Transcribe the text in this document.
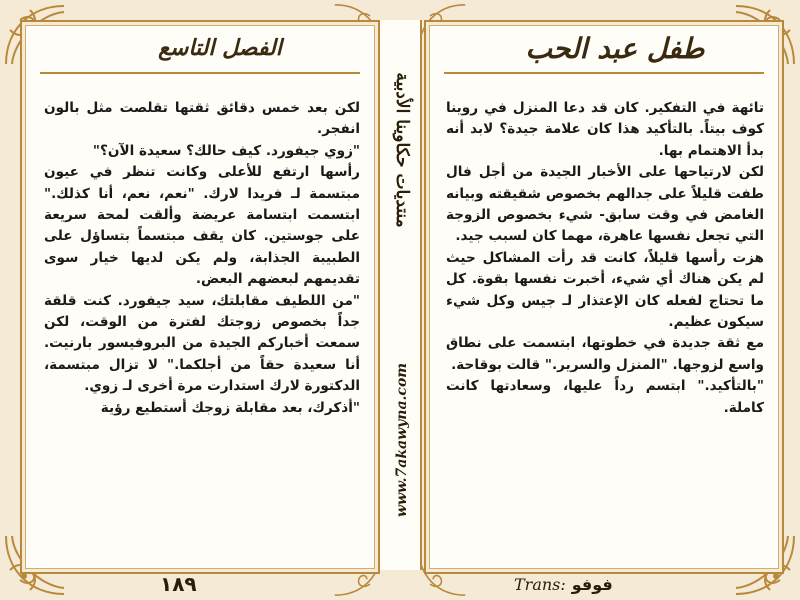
الفصل التاسع

لكن بعد خمس دقائق ثقتها تقلصت مثل بالون انفجر.

"زوي جيفورد. كيف حالك؟ سعيدة الآن؟"

رأسها ارتفع للأعلى وكانت تنظر في عيون مبتسمة لـ فريدا لارك. "نعم، نعم، أنا كذلك." ابتسمت ابتسامة عريضة وألقت لمحة سريعة على جوستين. كان يقف مبتسماً بتساؤل على الطبيبة الجذابة، ولم يكن لديها خيار سوى تقديمهم لبعضهم البعض.

"من اللطيف مقابلتك، سيد جيفورد. كنت قلقة جداً بخصوص زوجتك لفترة من الوقت، لكن سمعت أخباركم الجيدة من البروفيسور بارنيت. أنا سعيدة حقاً من أجلكما." لا تزال مبتسمة، الدكتورة لارك استدارت مرة أخرى لـ زوي.

"أذكرك، بعد مقابلة زوجك أستطيع رؤية

منتديات حكاوينا الأدبية
www.7akawyna.com
طفل عبد الحب

تائهة في التفكير. كان قد دعا المنزل في روينا كوف بيتاً. بالتأكيد هذا كان علامة جيدة؟ لابد أنه بدأ الاهتمام بها.

لكن لارتياحها على الأخبار الجيدة من أجل فال طفت قليلاً على جدالهم بخصوص شقيقته وبيانه الغامض في وقت سابق- شيء بخصوص الزوجة التي تجعل نفسها عاهرة، مهما كان لسبب جيد.

هزت رأسها قليلاً، كانت قد رأت المشاكل حيث لم يكن هناك أي شيء، أخبرت نفسها بقوة. كل ما تحتاج لفعله كان الإعتذار لـ جيس وكل شيء سيكون عظيم.

مع ثقة جديدة في خطوتها، ابتسمت على نطاق واسع لزوجها. "المنزل والسرير." قالت بوقاحة.

"بالتأكيد." ابتسم رداً عليها، وسعادتها كانت كاملة.

١٨٩	Trans: فوفو
